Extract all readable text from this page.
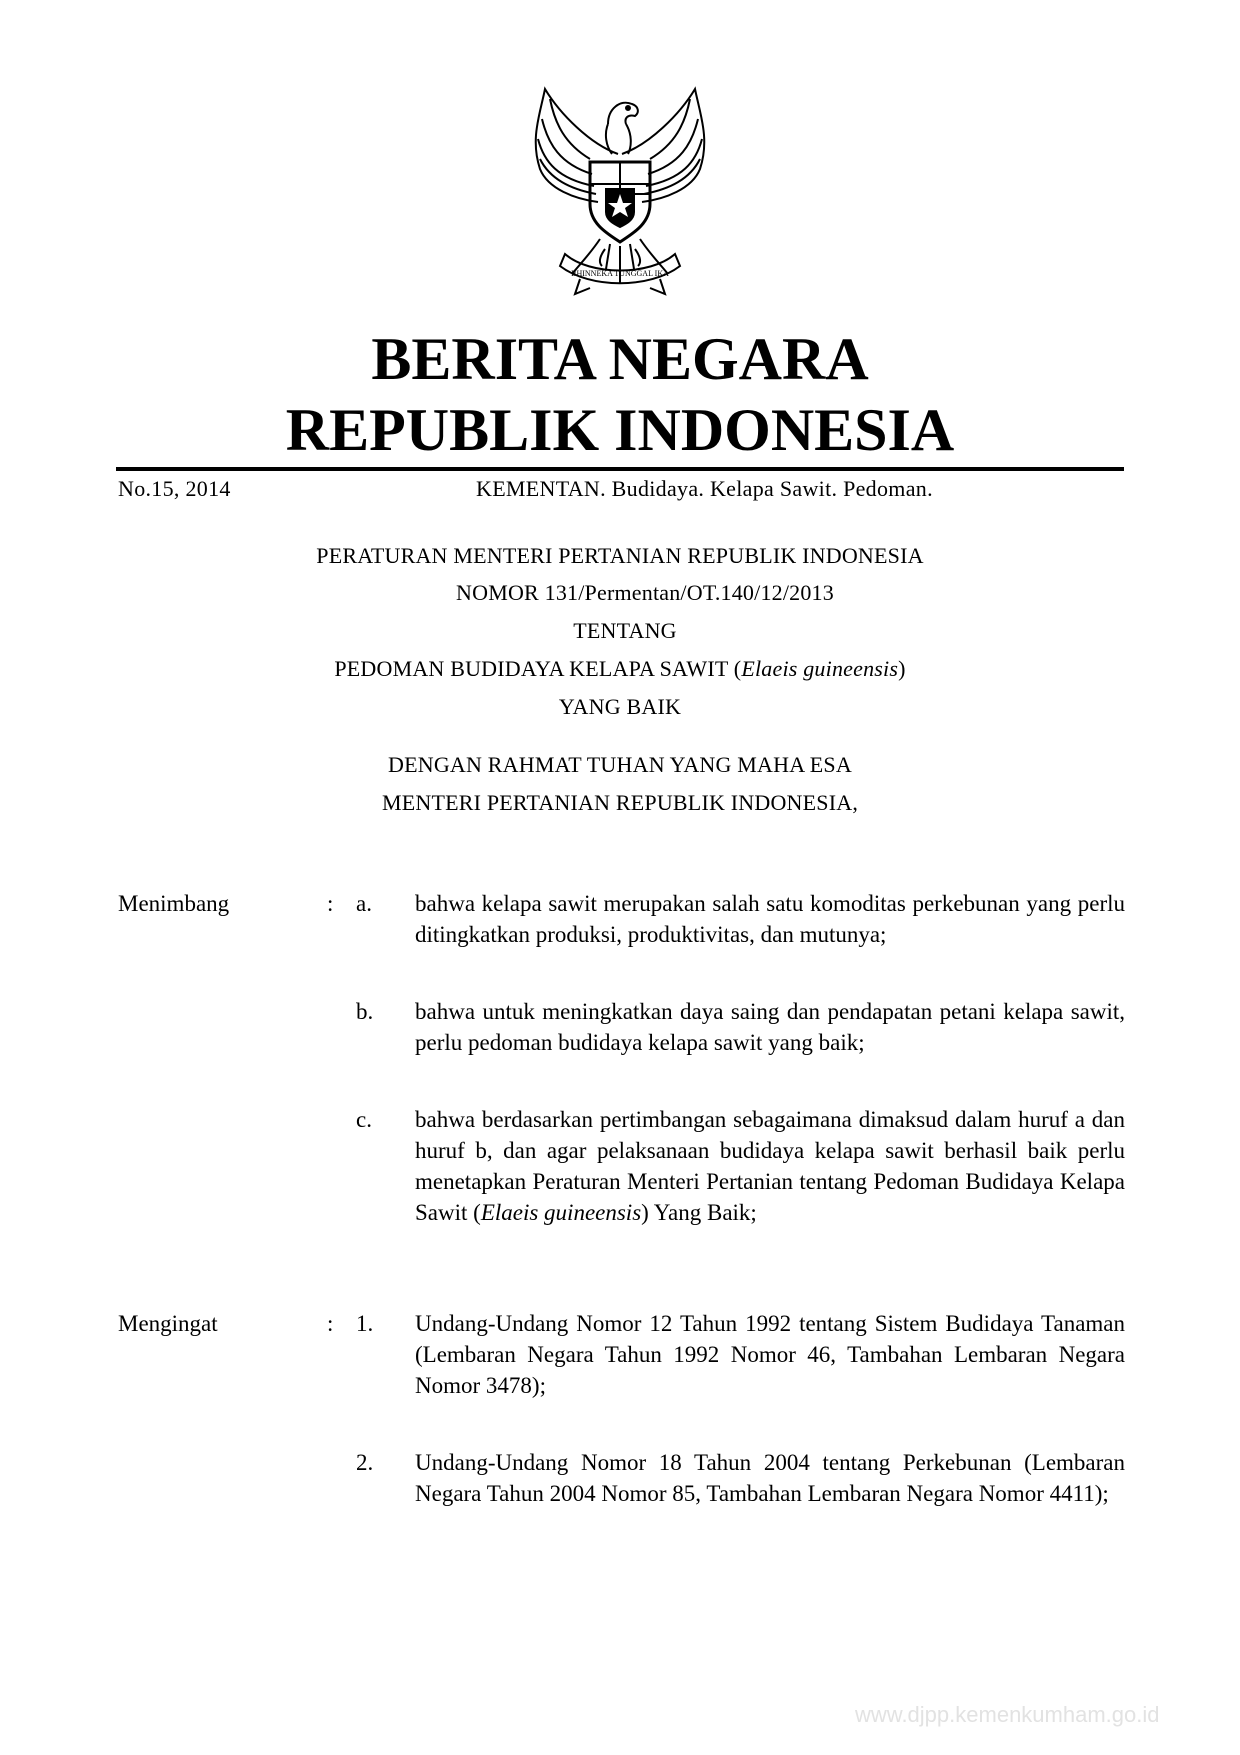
BHINNEKA TUNGGAL IKA
BERITA NEGARA
REPUBLIK INDONESIA
No.15, 2014	KEMENTAN. Budidaya. Kelapa Sawit. Pedoman.
PERATURAN MENTERI PERTANIAN REPUBLIK INDONESIA
NOMOR 131/Permentan/OT.140/12/2013
TENTANG
PEDOMAN BUDIDAYA KELAPA SAWIT (Elaeis guineensis)
YANG BAIK
DENGAN RAHMAT TUHAN YANG MAHA ESA
MENTERI PERTANIAN REPUBLIK INDONESIA,
Menimbang	: a. bahwa kelapa sawit merupakan salah satu komoditas perkebunan yang perlu ditingkatkan produksi, produktivitas, dan mutunya;
b. bahwa untuk meningkatkan daya saing dan pendapatan petani kelapa sawit, perlu pedoman budidaya kelapa sawit yang baik;
c. bahwa berdasarkan pertimbangan sebagaimana dimaksud dalam huruf a dan huruf b, dan agar pelaksanaan budidaya kelapa sawit berhasil baik perlu menetapkan Peraturan Menteri Pertanian tentang Pedoman Budidaya Kelapa Sawit (Elaeis guineensis) Yang Baik;
Mengingat	: 1. Undang-Undang Nomor 12 Tahun 1992 tentang Sistem Budidaya Tanaman (Lembaran Negara Tahun 1992 Nomor 46, Tambahan Lembaran Negara Nomor 3478);
2. Undang-Undang Nomor 18 Tahun 2004 tentang Perkebunan (Lembaran Negara Tahun 2004 Nomor 85, Tambahan Lembaran Negara Nomor 4411);
www.djpp.kemenkumham.go.id
